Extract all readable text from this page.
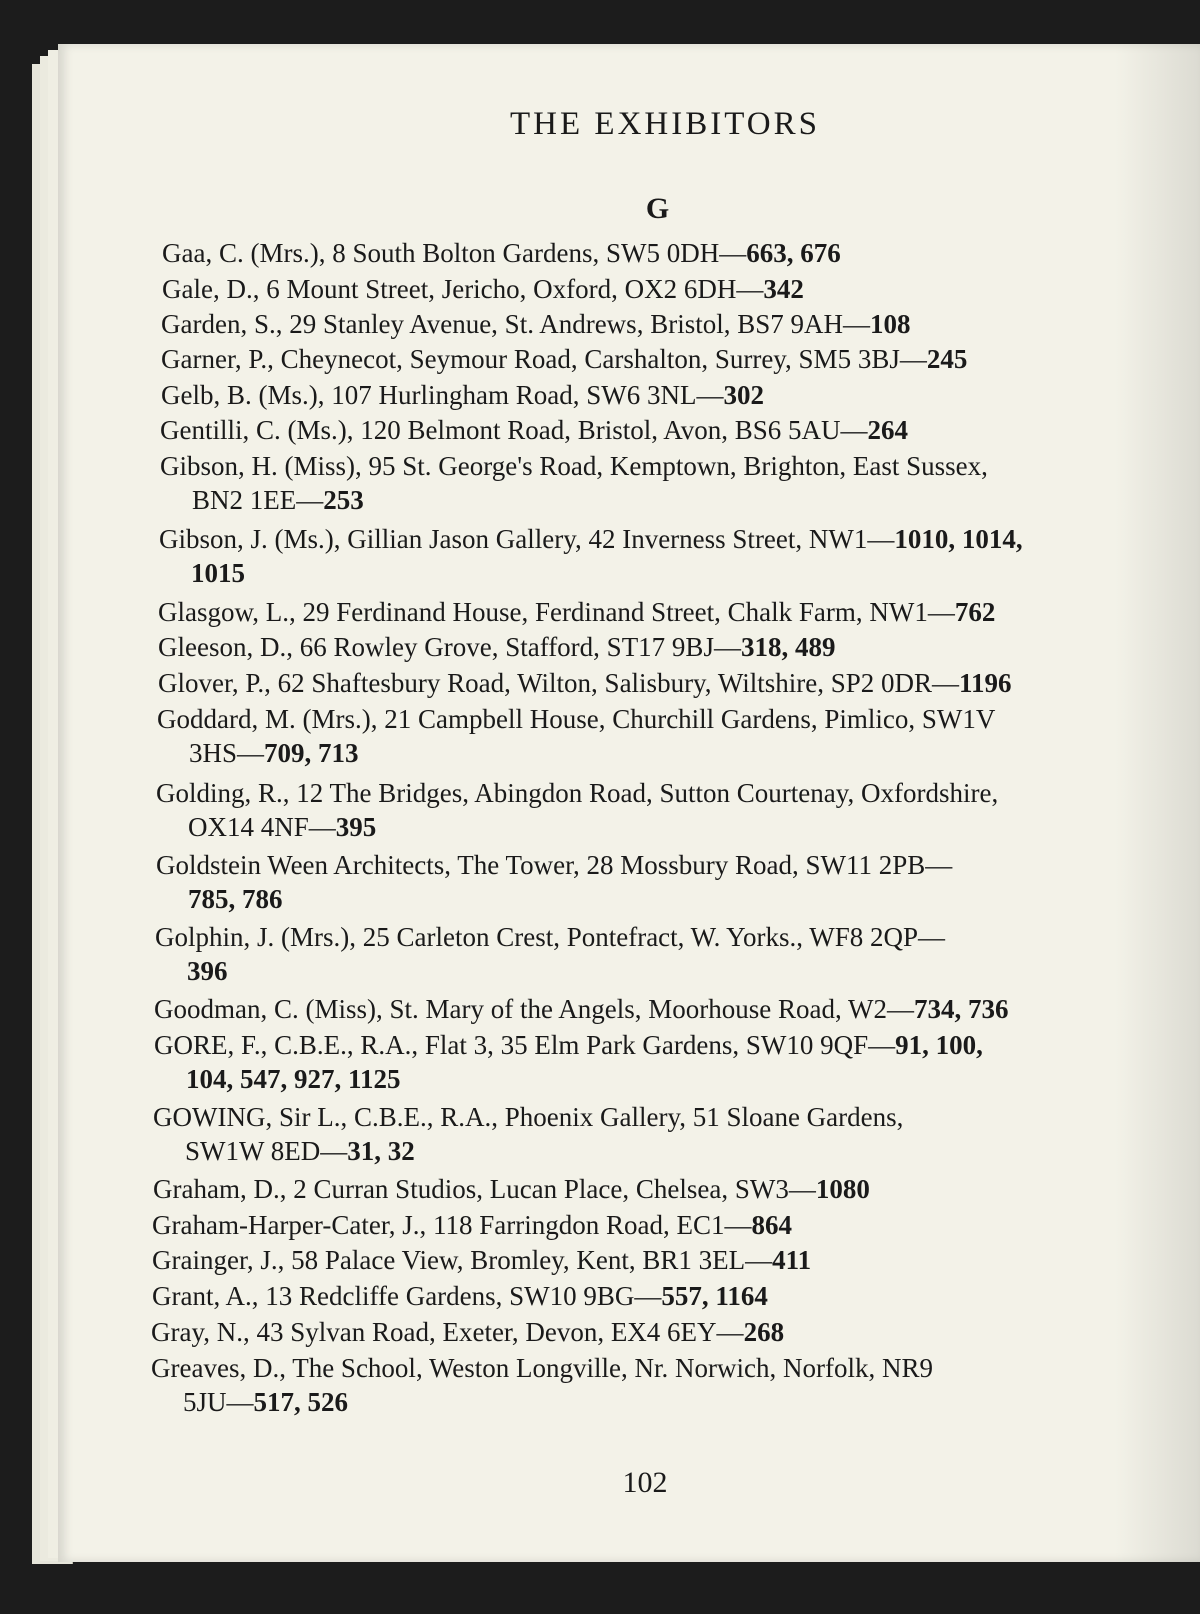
THE EXHIBITORS
G
Gaa, C. (Mrs.), 8 South Bolton Gardens, SW5 0DH—663, 676
Gale, D., 6 Mount Street, Jericho, Oxford, OX2 6DH—342
Garden, S., 29 Stanley Avenue, St. Andrews, Bristol, BS7 9AH—108
Garner, P., Cheynecot, Seymour Road, Carshalton, Surrey, SM5 3BJ—245
Gelb, B. (Ms.), 107 Hurlingham Road, SW6 3NL—302
Gentilli, C. (Ms.), 120 Belmont Road, Bristol, Avon, BS6 5AU—264
Gibson, H. (Miss), 95 St. George's Road, Kemptown, Brighton, East Sussex,
BN2 1EE—253
Gibson, J. (Ms.), Gillian Jason Gallery, 42 Inverness Street, NW1—1010, 1014,
1015
Glasgow, L., 29 Ferdinand House, Ferdinand Street, Chalk Farm, NW1—762
Gleeson, D., 66 Rowley Grove, Stafford, ST17 9BJ—318, 489
Glover, P., 62 Shaftesbury Road, Wilton, Salisbury, Wiltshire, SP2 0DR—1196
Goddard, M. (Mrs.), 21 Campbell House, Churchill Gardens, Pimlico, SW1V
3HS—709, 713
Golding, R., 12 The Bridges, Abingdon Road, Sutton Courtenay, Oxfordshire,
OX14 4NF—395
Goldstein Ween Architects, The Tower, 28 Mossbury Road, SW11 2PB—
785, 786
Golphin, J. (Mrs.), 25 Carleton Crest, Pontefract, W. Yorks., WF8 2QP—
396
Goodman, C. (Miss), St. Mary of the Angels, Moorhouse Road, W2—734, 736
GORE, F., C.B.E., R.A., Flat 3, 35 Elm Park Gardens, SW10 9QF—91, 100,
104, 547, 927, 1125
GOWING, Sir L., C.B.E., R.A., Phoenix Gallery, 51 Sloane Gardens,
SW1W 8ED—31, 32
Graham, D., 2 Curran Studios, Lucan Place, Chelsea, SW3—1080
Graham-Harper-Cater, J., 118 Farringdon Road, EC1—864
Grainger, J., 58 Palace View, Bromley, Kent, BR1 3EL—411
Grant, A., 13 Redcliffe Gardens, SW10 9BG—557, 1164
Gray, N., 43 Sylvan Road, Exeter, Devon, EX4 6EY—268
Greaves, D., The School, Weston Longville, Nr. Norwich, Norfolk, NR9
5JU—517, 526
102
